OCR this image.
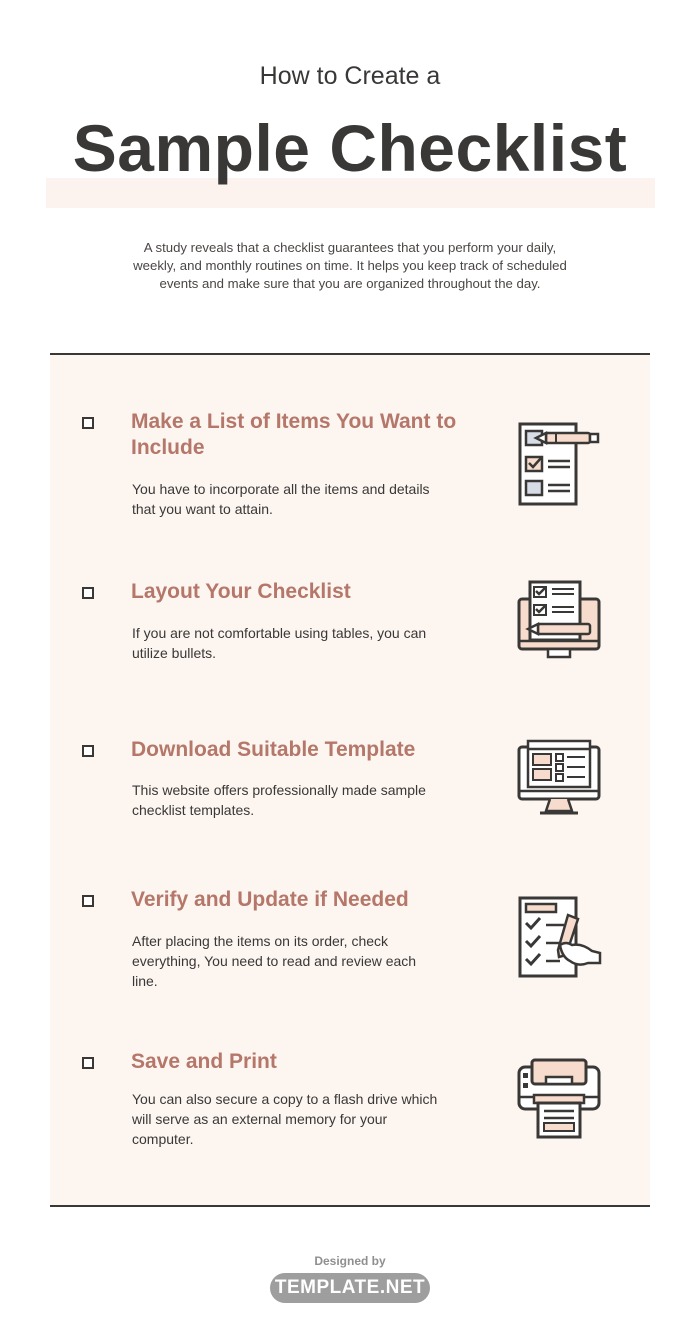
How to Create a
Sample Checklist
A study reveals that a checklist guarantees that you perform your daily, weekly, and monthly routines on time. It helps you keep track of scheduled events and make sure that you are organized throughout the day.
Make a List of Items You Want to Include
You have to incorporate all the items and details that you want to attain.
Layout Your Checklist
If you are not comfortable using tables, you can utilize bullets.
Download Suitable Template
This website offers professionally made sample checklist templates.
Verify and Update if Needed
After placing the items on its order, check everything, You need to read and review each line.
Save and Print
You can also secure a copy to a flash drive which will serve as an external memory for your computer.
Designed by
TEMPLATE.NET
